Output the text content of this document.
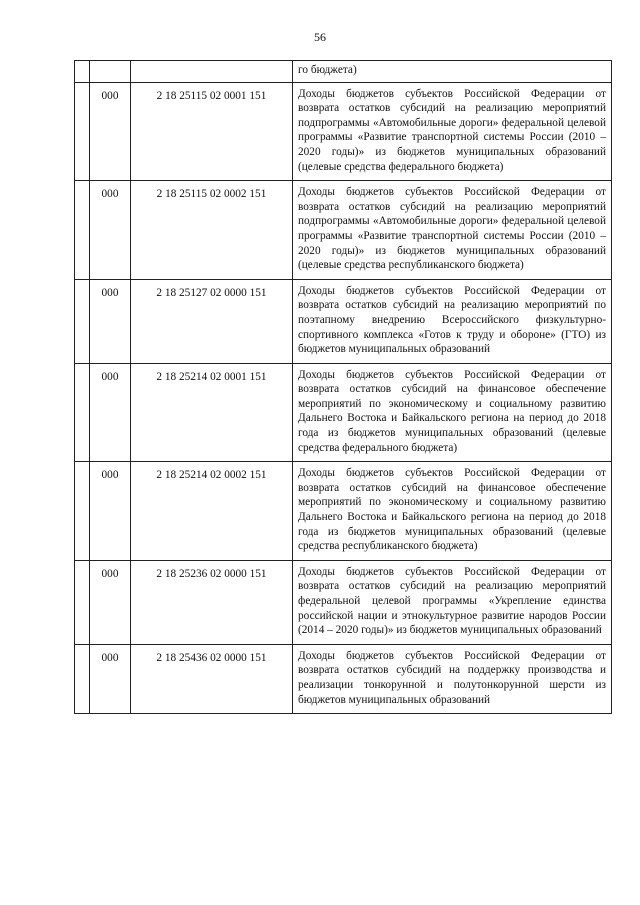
56
			го бюджета)
	000	2 18 25115 02 0001 151	Доходы бюджетов субъектов Российской Федерации от возврата остатков субсидий на реализацию мероприятий подпрограммы «Автомобильные дороги» федеральной целевой программы «Развитие транспортной системы России (2010 – 2020 годы)» из бюджетов муниципальных образований (целевые средства федерального бюджета)
	000	2 18 25115 02 0002 151	Доходы бюджетов субъектов Российской Федерации от возврата остатков субсидий на реализацию мероприятий подпрограммы «Автомобильные дороги» федеральной целевой программы «Развитие транспортной системы России (2010 – 2020 годы)» из бюджетов муниципальных образований (целевые средства республиканского бюджета)
	000	2 18 25127 02 0000 151	Доходы бюджетов субъектов Российской Федерации от возврата остатков субсидий на реализацию мероприятий по поэтапному внедрению Всероссийского физкультурно-спортивного комплекса «Готов к труду и обороне» (ГТО) из бюджетов муниципальных образований
	000	2 18 25214 02 0001 151	Доходы бюджетов субъектов Российской Федерации от возврата остатков субсидий на финансовое обеспечение мероприятий по экономическому и социальному развитию Дальнего Востока и Байкальского региона на период до 2018 года из бюджетов муниципальных образований (целевые средства федерального бюджета)
	000	2 18 25214 02 0002 151	Доходы бюджетов субъектов Российской Федерации от возврата остатков субсидий на финансовое обеспечение мероприятий по экономическому и социальному развитию Дальнего Востока и Байкальского региона на период до 2018 года из бюджетов муниципальных образований (целевые средства республиканского бюджета)
	000	2 18 25236 02 0000 151	Доходы бюджетов субъектов Российской Федерации от возврата остатков субсидий на реализацию мероприятий федеральной целевой программы «Укрепление единства российской нации и этнокультурное развитие народов России (2014 – 2020 годы)» из бюджетов муниципальных образований
	000	2 18 25436 02 0000 151	Доходы бюджетов субъектов Российской Федерации от возврата остатков субсидий на поддержку производства и реализации тонкорунной и полутонкорунной шерсти из бюджетов муниципальных образований
